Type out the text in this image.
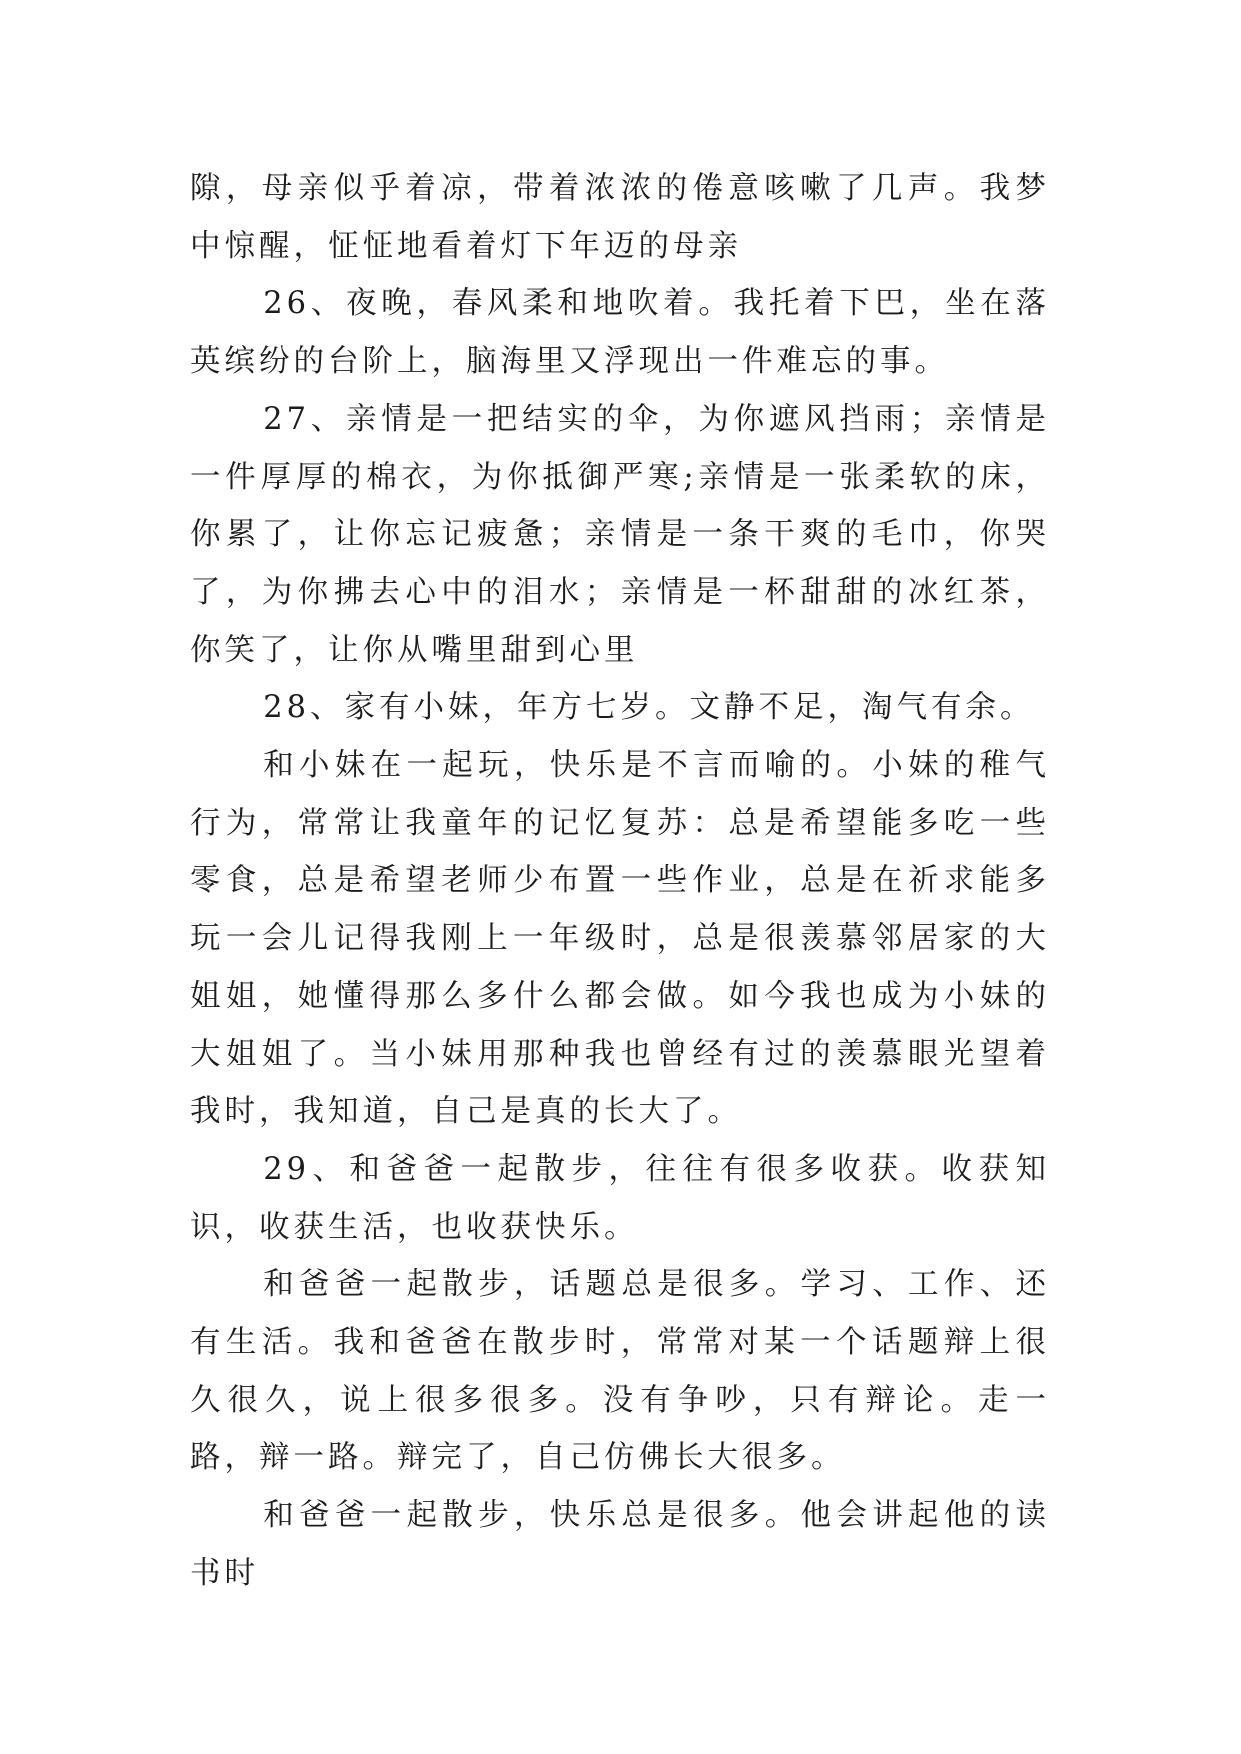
隙，母亲似乎着凉，带着浓浓的倦意咳嗽了几声。我梦中惊醒，怔怔地看着灯下年迈的母亲

26、夜晚，春风柔和地吹着。我托着下巴，坐在落英缤纷的台阶上，脑海里又浮现出一件难忘的事。

27、亲情是一把结实的伞，为你遮风挡雨；亲情是一件厚厚的棉衣，为你抵御严寒;亲情是一张柔软的床，你累了，让你忘记疲惫；亲情是一条干爽的毛巾，你哭了，为你拂去心中的泪水；亲情是一杯甜甜的冰红茶，你笑了，让你从嘴里甜到心里

28、家有小妹，年方七岁。文静不足，淘气有余。

和小妹在一起玩，快乐是不言而喻的。小妹的稚气行为，常常让我童年的记忆复苏：总是希望能多吃一些零食，总是希望老师少布置一些作业，总是在祈求能多玩一会儿记得我刚上一年级时，总是很羡慕邻居家的大姐姐，她懂得那么多什么都会做。如今我也成为小妹的大姐姐了。当小妹用那种我也曾经有过的羡慕眼光望着我时，我知道，自己是真的长大了。

29、和爸爸一起散步，往往有很多收获。收获知识，收获生活，也收获快乐。

和爸爸一起散步，话题总是很多。学习、工作、还有生活。我和爸爸在散步时，常常对某一个话题辩上很久很久，说上很多很多。没有争吵，只有辩论。走一路，辩一路。辩完了，自己仿佛长大很多。

和爸爸一起散步，快乐总是很多。他会讲起他的读书时
